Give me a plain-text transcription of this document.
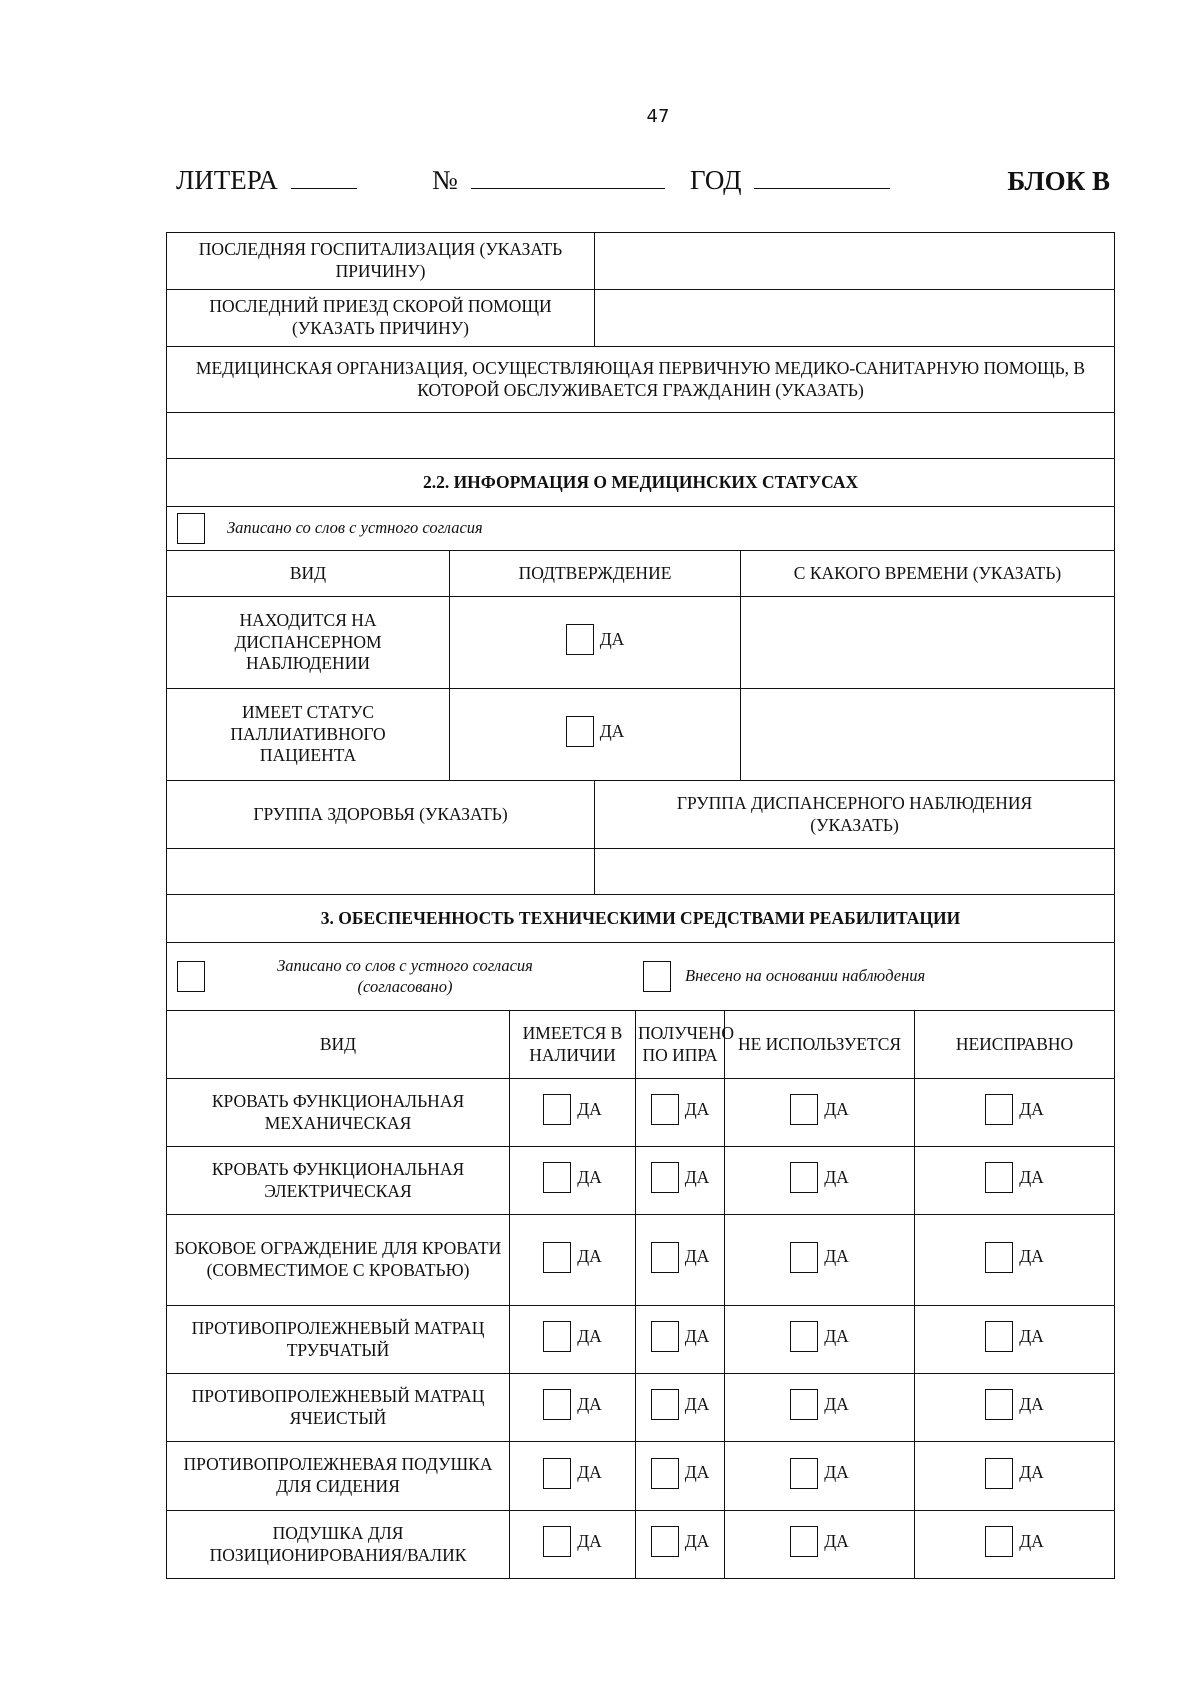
47
ЛИТЕРА	№	ГОД	БЛОК В
ПОСЛЕДНЯЯ ГОСПИТАЛИЗАЦИЯ (УКАЗАТЬ ПРИЧИНУ)							
ПОСЛЕДНИЙ ПРИЕЗД СКОРОЙ ПОМОЩИ (УКАЗАТЬ ПРИЧИНУ)							
МЕДИЦИНСКАЯ ОРГАНИЗАЦИЯ, ОСУЩЕСТВЛЯЮЩАЯ ПЕРВИЧНУЮ МЕДИКО-САНИТАРНУЮ ПОМОЩЬ, В КОТОРОЙ ОБСЛУЖИВАЕТСЯ ГРАЖДАНИН (УКАЗАТЬ)							

2.2. ИНФОРМАЦИЯ О МЕДИЦИНСКИХ СТАТУСАХ							

Записано со слов с устного согласия							

ВИД	ПОДТВЕРЖДЕНИЕ					С КАКОГО ВРЕМЕНИ (УКАЗАТЬ)	
НАХОДИТСЯ НА ДИСПАНСЕРНОМ НАБЛЮДЕНИИ	ДА						

ИМЕЕТ СТАТУС ПАЛЛИАТИВНОГО ПАЦИЕНТА	ДА						

ГРУППА ЗДОРОВЬЯ (УКАЗАТЬ)			ГРУППА ДИСПАНСЕРНОГО НАБЛЮДЕНИЯ (УКАЗАТЬ)				

3. ОБЕСПЕЧЕННОСТЬ ТЕХНИЧЕСКИМИ СРЕДСТВАМИ РЕАБИЛИТАЦИИ							

Записано со слов с устного согласия (согласовано)
Внесено на основании наблюдения							

ВИД		ИМЕЕТСЯ В НАЛИЧИИ		ПОЛУЧЕНО ПО ИПРА	НЕ ИСПОЛЬЗУЕТСЯ		НЕИСПРАВНО
КРОВАТЬ ФУНКЦИОНАЛЬНАЯ МЕХАНИЧЕСКАЯ		ДА		ДА	ДА		ДА

КРОВАТЬ ФУНКЦИОНАЛЬНАЯ ЭЛЕКТРИЧЕСКАЯ		ДА		ДА	ДА		ДА

БОКОВОЕ ОГРАЖДЕНИЕ ДЛЯ КРОВАТИ (СОВМЕСТИМОЕ С КРОВАТЬЮ)		ДА		ДА	ДА		ДА

ПРОТИВОПРОЛЕЖНЕВЫЙ МАТРАЦ ТРУБЧАТЫЙ		ДА		ДА	ДА		ДА

ПРОТИВОПРОЛЕЖНЕВЫЙ МАТРАЦ ЯЧЕИСТЫЙ		ДА		ДА	ДА		ДА

ПРОТИВОПРОЛЕЖНЕВАЯ ПОДУШКА ДЛЯ СИДЕНИЯ		ДА		ДА	ДА		ДА

ПОДУШКА ДЛЯ ПОЗИЦИОНИРОВАНИЯ/ВАЛИК		ДА		ДА	ДА		ДА
